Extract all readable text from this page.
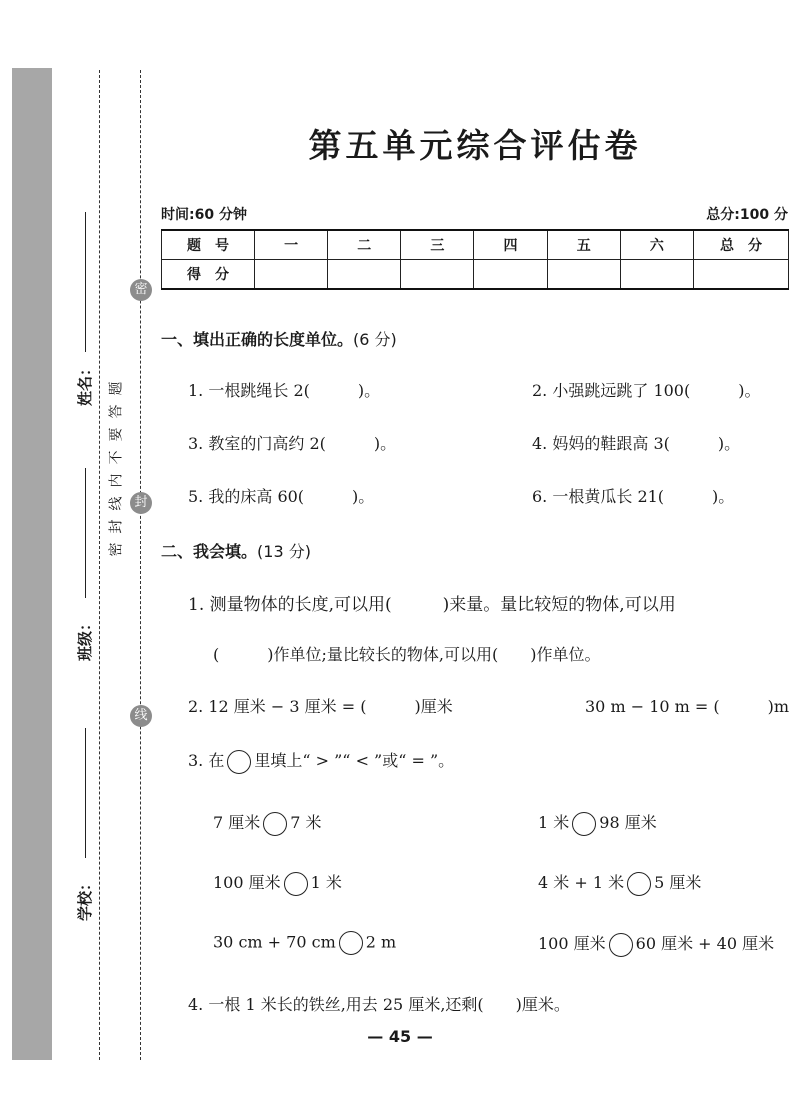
姓名：
班级：
学校：
密
封
线
题
答
要
不
内
线
封
密
第五单元综合评估卷
时间:60 分钟	总分:100 分
题　号	一	二	三	四	五	六	总　分
得　分							
一、填出正确的长度单位。(6 分)
1. 一根跳绳长 2(　　　)。	2. 小强跳远跳了 100(　　　)。
3. 教室的门高约 2(　　　)。	4. 妈妈的鞋跟高 3(　　　)。
5. 我的床高 60(　　　)。	6. 一根黄瓜长 21(　　　)。
二、我会填。(13 分)
1. 测量物体的长度,可以用(　　　)来量。量比较短的物体,可以用
(　　　)作单位;量比较长的物体,可以用(　　)作单位。
2. 12 厘米 − 3 厘米 = (　　　)厘米	30 m − 10 m = (　　　)m
3. 在 里填上“ > ”“ < ”或“ = ”。
7 厘米 7 米	1 米 98 厘米
100 厘米 1 米	4 米 + 1 米 5 厘米
30 cm + 70 cm 2 m	100 厘米 60 厘米 + 40 厘米
4. 一根 1 米长的铁丝,用去 25 厘米,还剩(　　)厘米。
— 45 —
